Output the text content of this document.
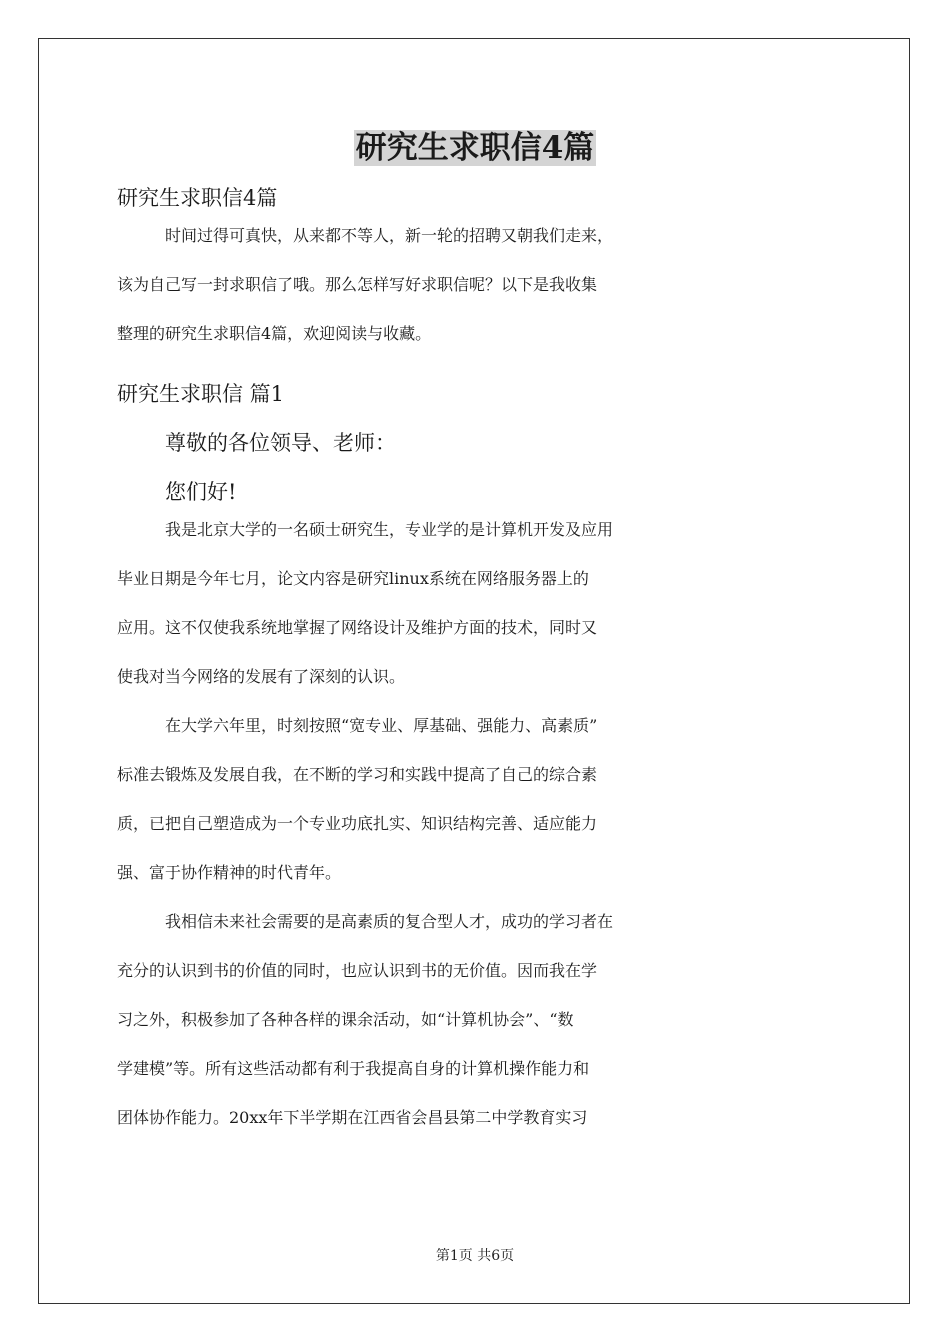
研究生求职信4篇

研究生求职信4篇

时间过得可真快，从来都不等人，新一轮的招聘又朝我们走来，
该为自己写一封求职信了哦。那么怎样写好求职信呢？以下是我收集
整理的研究生求职信4篇，欢迎阅读与收藏。

研究生求职信 篇1

尊敬的各位领导、老师：

您们好!

我是北京大学的一名硕士研究生，专业学的是计算机开发及应用
毕业日期是今年七月，论文内容是研究linux系统在网络服务器上的
应用。这不仅使我系统地掌握了网络设计及维护方面的技术，同时又
使我对当今网络的发展有了深刻的认识。
在大学六年里，时刻按照“宽专业、厚基础、强能力、高素质”
标准去锻炼及发展自我，在不断的学习和实践中提高了自己的综合素
质，已把自己塑造成为一个专业功底扎实、知识结构完善、适应能力
强、富于协作精神的时代青年。
我相信未来社会需要的是高素质的复合型人才，成功的学习者在
充分的认识到书的价值的同时，也应认识到书的无价值。因而我在学
习之外，积极参加了各种各样的课余活动，如“计算机协会”、“数
学建模”等。所有这些活动都有利于我提高自身的计算机操作能力和
团体协作能力。20xx年下半学期在江西省会昌县第二中学教育实习
第1页 共6页
